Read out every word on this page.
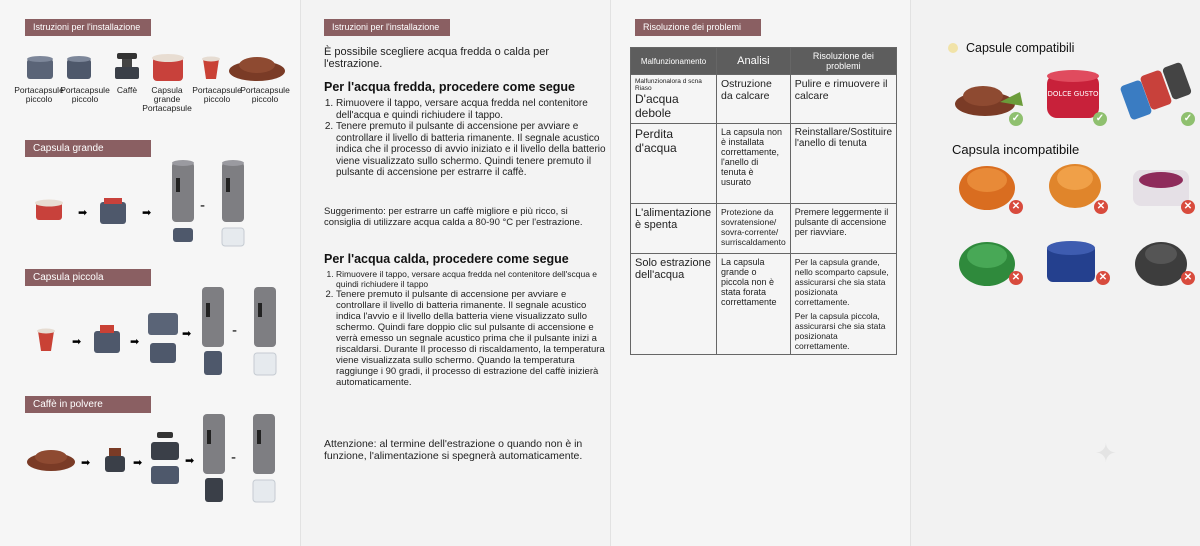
Istruzioni per l'installazione
Portacapsule
piccolo
Portacapsule
piccolo
Caffè	Capsula grande
Portacapsule
Portacapsule
piccolo
Portacapsule
piccolo
Capsula grande
➡	➡	-
Capsula piccola
➡	➡
➡	-
Caffè in polvere
➡	➡	➡	-
Istruzioni per l'installazione
È possibile scegliere acqua fredda o calda per l'estrazione.
Per l'acqua fredda, procedere come segue
1. Rimuovere il tappo, versare acqua fredda nel contenitore dell'acqua e quindi richiudere il tappo.
2. Tenere premuto il pulsante di accensione per avviare e controllare il livello di batteria rimanente. Il segnale acustico indica che il processo di avvio iniziato e il livello della batterio viene visualizzato sullo schermo. Quindi tenere premuto il pulsante di accensione per estrarre il caffè.
Suggerimento: per estrarre un caffè migliore e più ricco, si consiglia di utilizzare acqua calda a 80-90 °C per l'estrazione.
Per l'acqua calda, procedere come segue
1. Rimuovere il tappo, versare acqua fredda nel contenitore dell'scqua e quindi richiudere il tappo
2. Tenere premuto il pulsante di accensione per avviare e controllare il livello di batteria rimanente. Il segnale acustico indica l'avvio e il livello della batteria viene visualizzato sullo schermo. Quindi fare doppio clic sul pulsante di accensione e verrà emesso un segnale acustico prima che il pulsante inizi a riscaldarsi. Durante Il processo di riscaldamento, la temperatura viene visualizzata sullo schermo. Quando la temperatura raggiunge i 90 gradi, il processo di estrazione del caffè inizierà automaticamente.
Attenzione: al termine dell'estrazione o quando non è in funzione, l'alimentazione si spegnerà automaticamente.
Risoluzione dei problemi
Malfunzionamento	Analisi	Risoluzione dei problemi

Malfunzionalora d scna Riaso
D'acqua debole	Ostruzione da calcare	Pulire e rimuovere il calcare
Perdita d'acqua	La capsula non è installata correttamente, l'anello di tenuta è usurato	Reinstallare/Sostituire l'anello di tenuta
L'alimentazione è spenta	Protezione da sovratensione/ sovra-corrente/ surriscaldamento	Premere leggermente il pulsante di accensione per riavviare.
Solo estrazione dell'acqua	La capsula grande o piccola non è stata forata correttamente	Per la capsula grande, nello scomparto capsule, assicurarsi che sia stata posizionata correttamente.
Per la capsula piccola, assicurarsi che sia stata posizionata correttamente.
Capsule compatibili
Capsula incompatibile
DOLCE GUSTO
✓	✓	✓
✕	✕	✕
✕	✕	✕
✦
